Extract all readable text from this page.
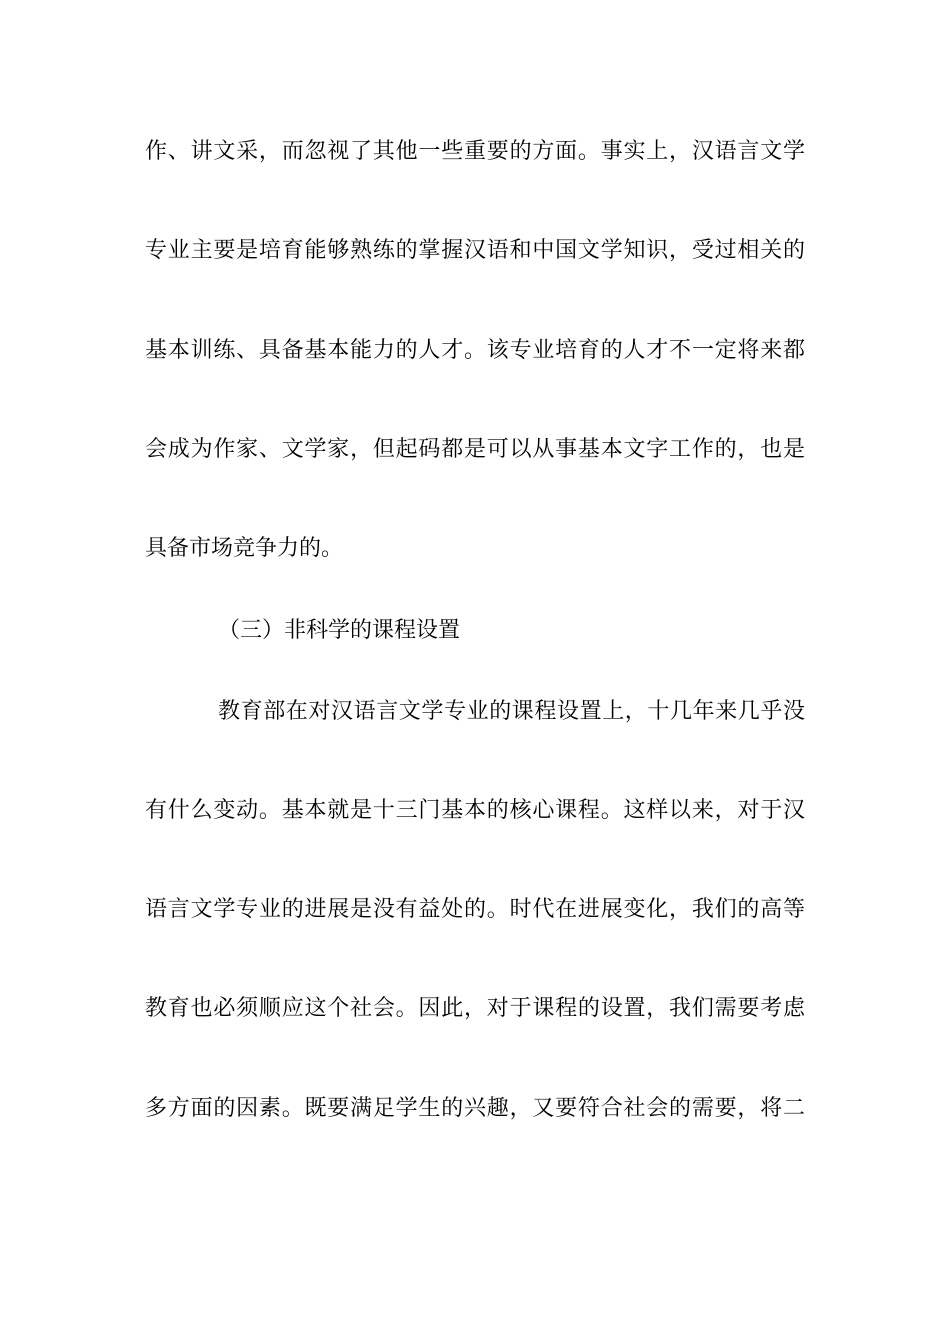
作、讲文采，而忽视了其他一些重要的方面。事实上，汉语言文学
专业主要是培育能够熟练的掌握汉语和中国文学知识，受过相关的
基本训练、具备基本能力的人才。该专业培育的人才不一定将来都
会成为作家、文学家，但起码都是可以从事基本文字工作的，也是
具备市场竞争力的。
（三）非科学的课程设置
教育部在对汉语言文学专业的课程设置上，十几年来几乎没
有什么变动。基本就是十三门基本的核心课程。这样以来，对于汉
语言文学专业的进展是没有益处的。时代在进展变化，我们的高等
教育也必须顺应这个社会。因此，对于课程的设置，我们需要考虑
多方面的因素。既要满足学生的兴趣，又要符合社会的需要，将二
